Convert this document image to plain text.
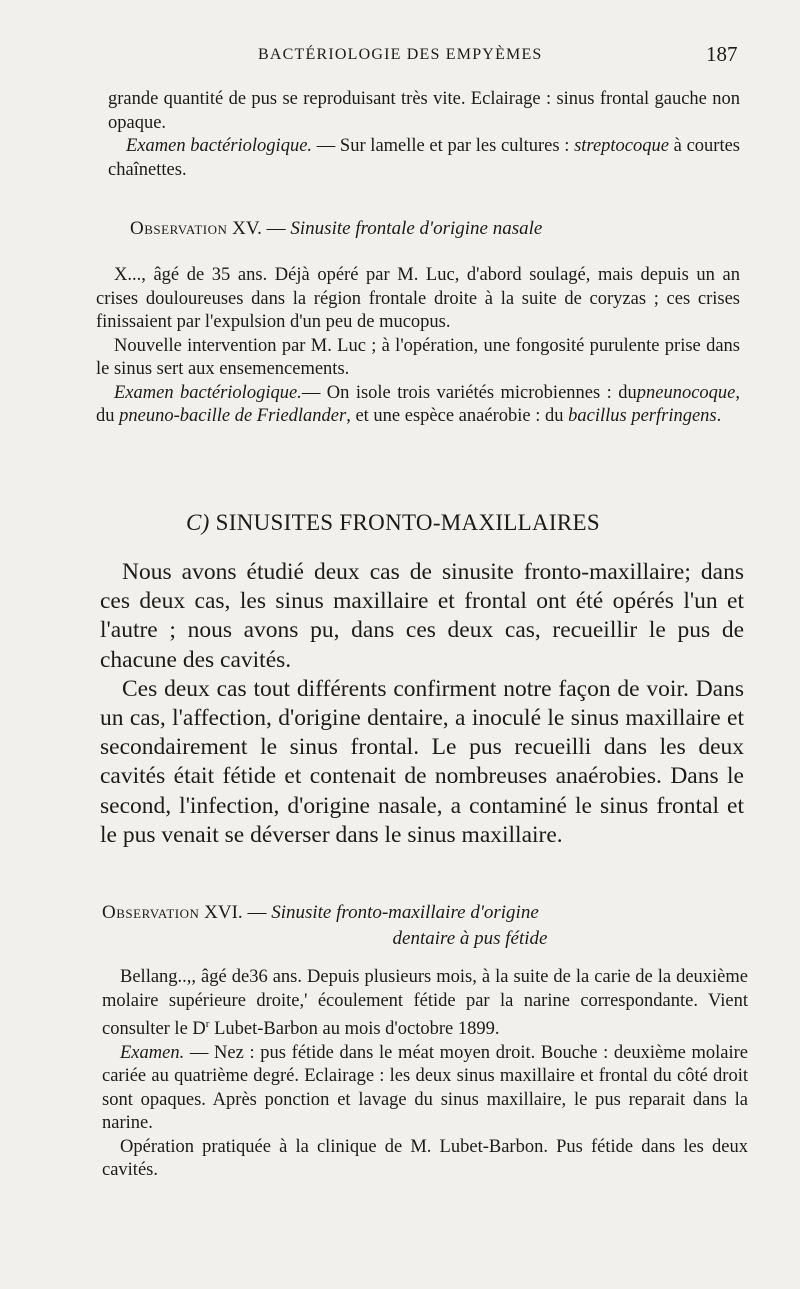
BACTÉRIOLOGIE DES EMPYÈMES	187

grande quantité de pus se reproduisant très vite. Eclairage : sinus frontal gauche non opaque.

Examen bactériologique. — Sur lamelle et par les cultures : streptocoque à courtes chaînettes.

Observation XV. — Sinusite frontale d'origine nasale

X..., âgé de 35 ans. Déjà opéré par M. Luc, d'abord soulagé, mais depuis un an crises douloureuses dans la région frontale droite à la suite de coryzas ; ces crises finissaient par l'expulsion d'un peu de mucopus.

Nouvelle intervention par M. Luc ; à l'opération, une fongosité purulente prise dans le sinus sert aux ensemencements.

Examen bactériologique.— On isole trois variétés microbiennes : dupneunocoque, du pneuno-bacille de Friedlander, et une espèce anaérobie : du bacillus perfringens.

C) SINUSITES FRONTO-MAXILLAIRES

Nous avons étudié deux cas de sinusite fronto-maxillaire; dans ces deux cas, les sinus maxillaire et frontal ont été opérés l'un et l'autre ; nous avons pu, dans ces deux cas, recueillir le pus de chacune des cavités.

Ces deux cas tout différents confirment notre façon de voir. Dans un cas, l'affection, d'origine dentaire, a inoculé le sinus maxillaire et secondairement le sinus frontal. Le pus recueilli dans les deux cavités était fétide et contenait de nombreuses anaérobies. Dans le second, l'infection, d'origine nasale, a contaminé le sinus frontal et le pus venait se déverser dans le sinus maxillaire.

Observation XVI. — Sinusite fronto-maxillaire d'origine
dentaire à pus fétide

Bellang..,, âgé de36 ans. Depuis plusieurs mois, à la suite de la carie de la deuxième molaire supérieure droite,' écoulement fétide par la narine correspondante. Vient consulter le $D^r$ Lubet-Barbon au mois d'octobre 1899.

Examen. — Nez : pus fétide dans le méat moyen droit. Bouche : deuxième molaire cariée au quatrième degré. Eclairage : les deux sinus maxillaire et frontal du côté droit sont opaques. Après ponction et lavage du sinus maxillaire, le pus reparait dans la narine.

Opération pratiquée à la clinique de M. Lubet-Barbon. Pus fétide dans les deux cavités.
